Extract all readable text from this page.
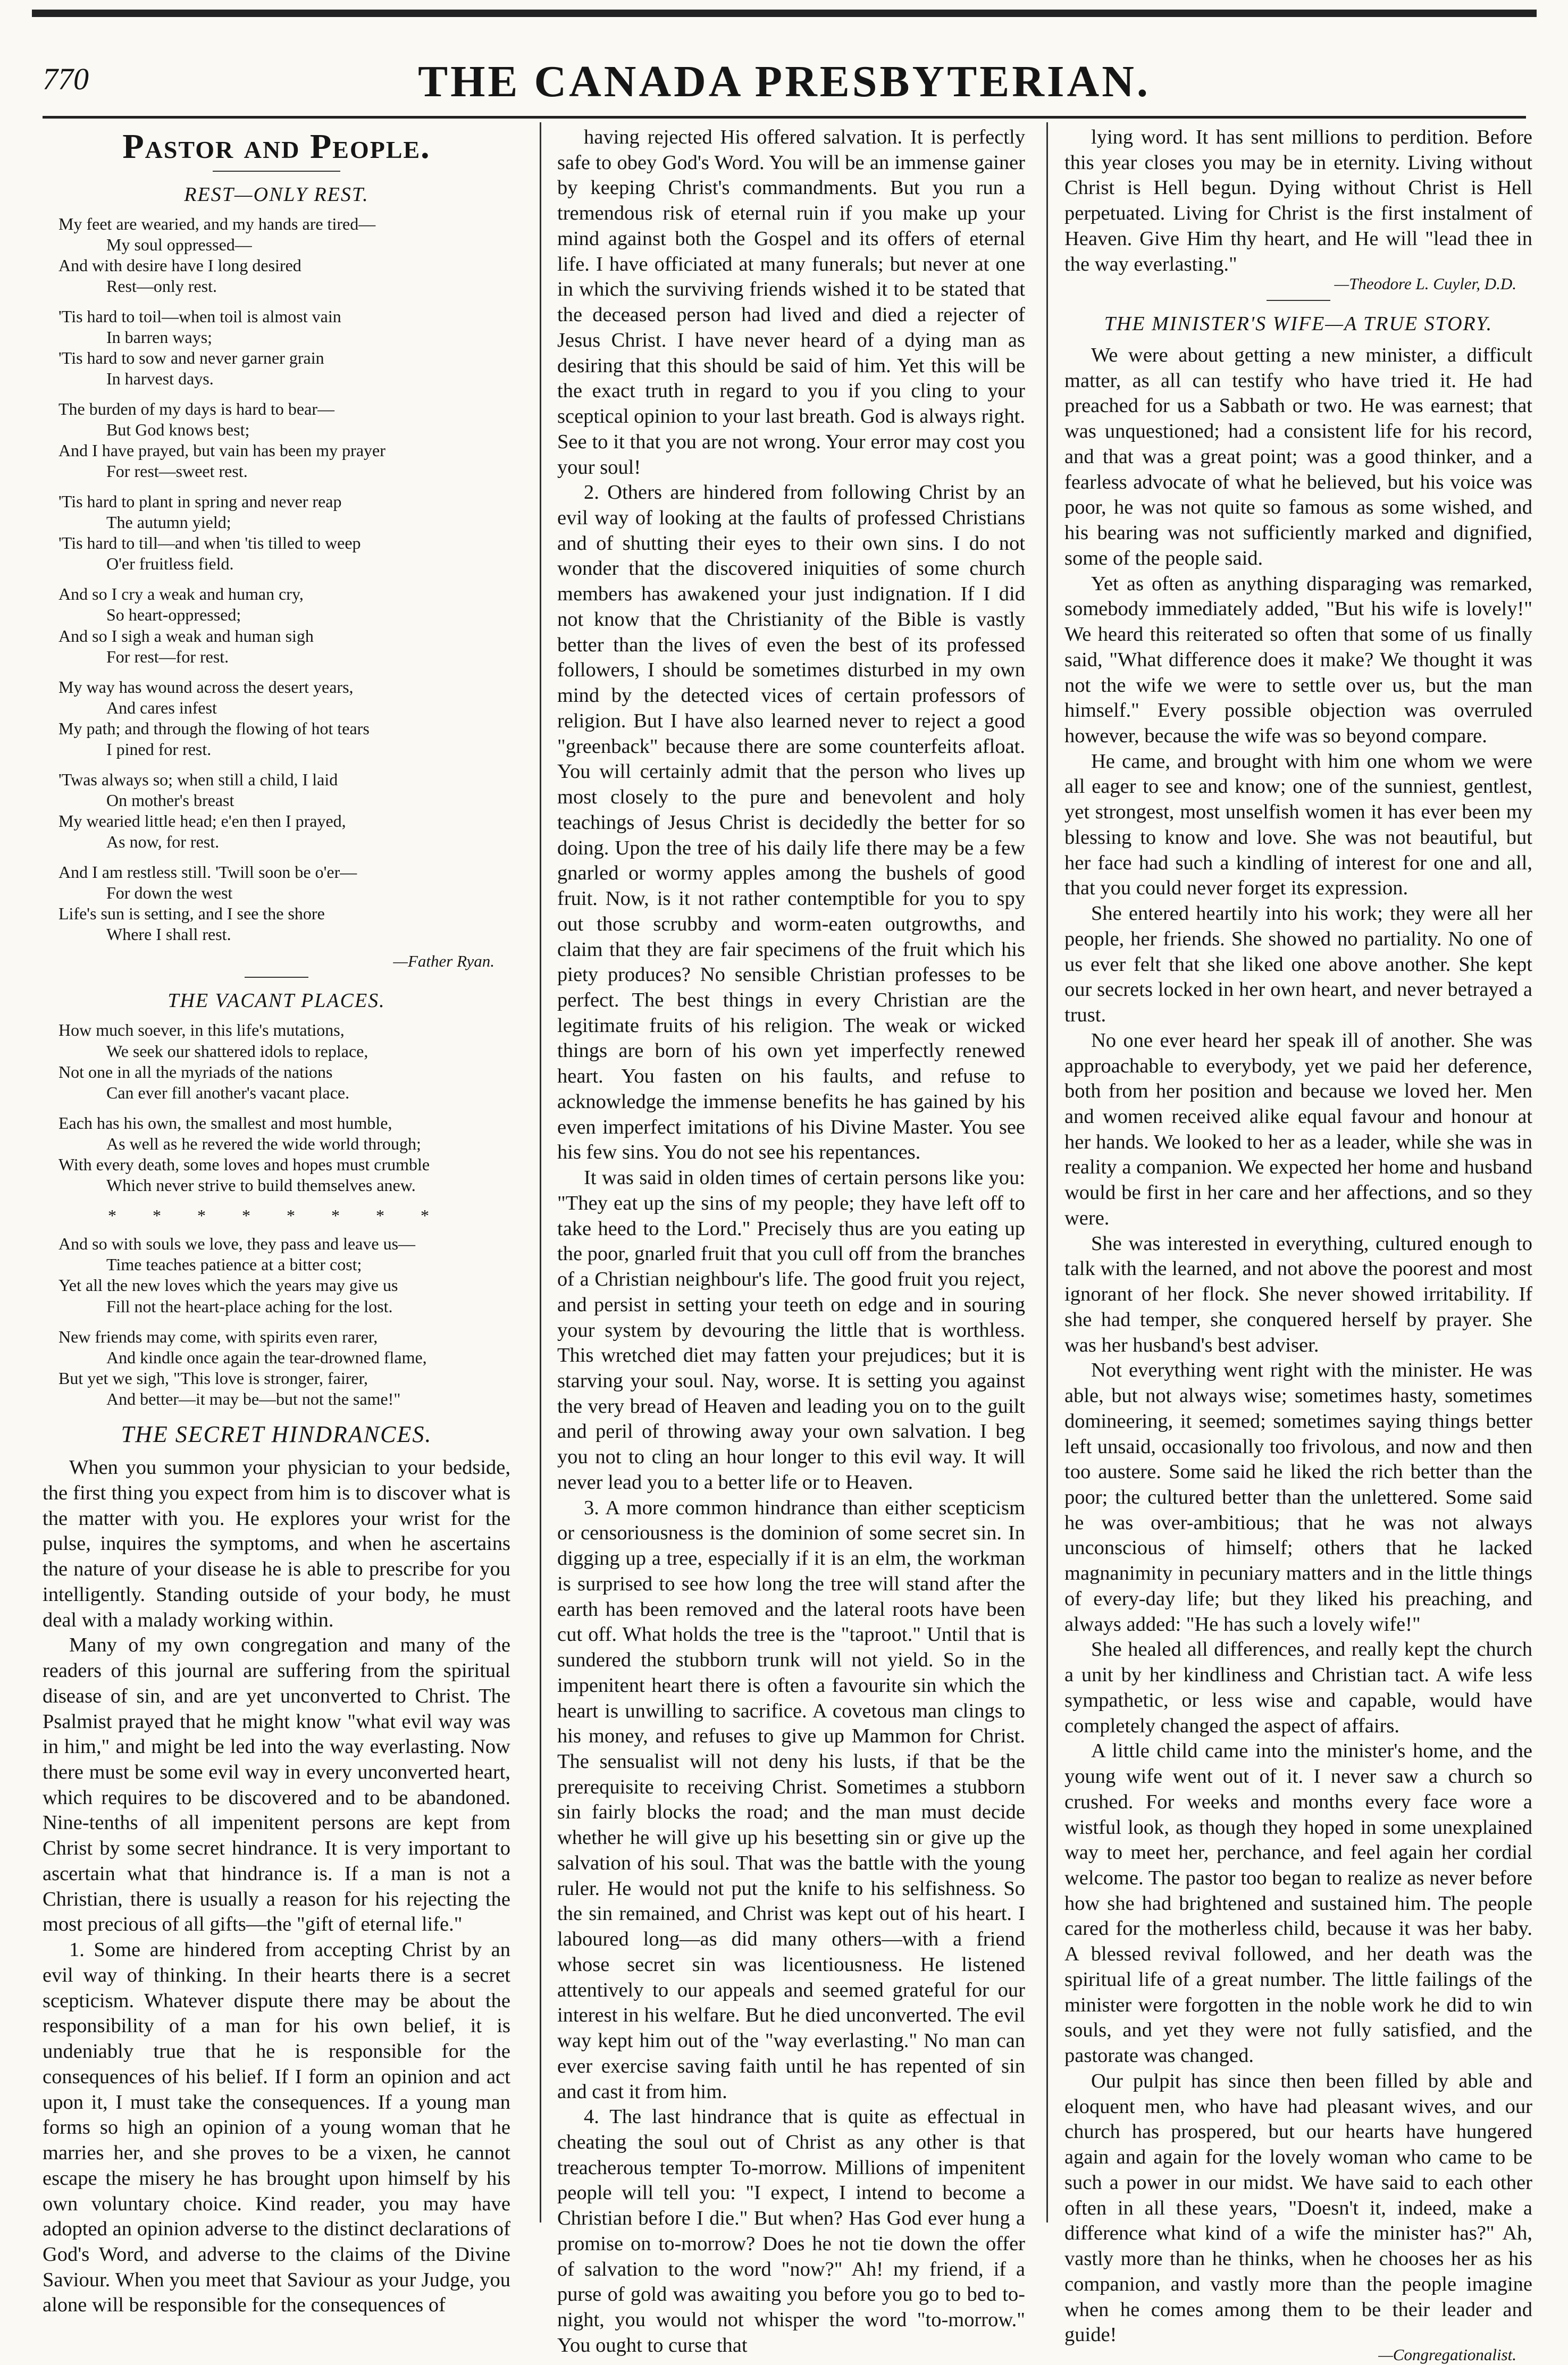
770	THE CANADA PRESBYTERIAN.
Pastor and People.
REST—ONLY REST.
My feet are wearied, and my hands are tired—
My soul oppressed—
And with desire have I long desired
Rest—only rest.
'Tis hard to toil—when toil is almost vain
In barren ways;
'Tis hard to sow and never garner grain
In harvest days.
The burden of my days is hard to bear—
But God knows best;
And I have prayed, but vain has been my prayer
For rest—sweet rest.
'Tis hard to plant in spring and never reap
The autumn yield;
'Tis hard to till—and when 'tis tilled to weep
O'er fruitless field.
And so I cry a weak and human cry,
So heart-oppressed;
And so I sigh a weak and human sigh
For rest—for rest.
My way has wound across the desert years,
And cares infest
My path; and through the flowing of hot tears
I pined for rest.
'Twas always so; when still a child, I laid
On mother's breast
My wearied little head; e'en then I prayed,
As now, for rest.
And I am restless still. 'Twill soon be o'er—
For down the west
Life's sun is setting, and I see the shore
Where I shall rest.
—Father Ryan.
THE VACANT PLACES.
How much soever, in this life's mutations,
We seek our shattered idols to replace,
Not one in all the myriads of the nations
Can ever fill another's vacant place.
Each has his own, the smallest and most humble,
As well as he revered the wide world through;
With every death, some loves and hopes must crumble
Which never strive to build themselves anew.
* * * * * * * *
And so with souls we love, they pass and leave us—
Time teaches patience at a bitter cost;
Yet all the new loves which the years may give us
Fill not the heart-place aching for the lost.
New friends may come, with spirits even rarer,
And kindle once again the tear-drowned flame,
But yet we sigh, "This love is stronger, fairer,
And better—it may be—but not the same!"
THE SECRET HINDRANCES.

When you summon your physician to your bedside, the first thing you expect from him is to discover what is the matter with you. He explores your wrist for the pulse, inquires the symptoms, and when he ascertains the nature of your disease he is able to prescribe for you intelligently. Standing outside of your body, he must deal with a malady working within.

Many of my own congregation and many of the readers of this journal are suffering from the spiritual disease of sin, and are yet unconverted to Christ. The Psalmist prayed that he might know "what evil way was in him," and might be led into the way everlasting. Now there must be some evil way in every unconverted heart, which requires to be discovered and to be abandoned. Nine-tenths of all impenitent persons are kept from Christ by some secret hindrance. It is very important to ascertain what that hindrance is. If a man is not a Christian, there is usually a reason for his rejecting the most precious of all gifts—the "gift of eternal life."

1. Some are hindered from accepting Christ by an evil way of thinking. In their hearts there is a secret scepticism. Whatever dispute there may be about the responsibility of a man for his own belief, it is undeniably true that he is responsible for the consequences of his belief. If I form an opinion and act upon it, I must take the consequences. If a young man forms so high an opinion of a young woman that he marries her, and she proves to be a vixen, he cannot escape the misery he has brought upon himself by his own voluntary choice. Kind reader, you may have adopted an opinion adverse to the distinct declarations of God's Word, and adverse to the claims of the Divine Saviour. When you meet that Saviour as your Judge, you alone will be responsible for the consequences of

having rejected His offered salvation. It is perfectly safe to obey God's Word. You will be an immense gainer by keeping Christ's commandments. But you run a tremendous risk of eternal ruin if you make up your mind against both the Gospel and its offers of eternal life. I have officiated at many funerals; but never at one in which the surviving friends wished it to be stated that the deceased person had lived and died a rejecter of Jesus Christ. I have never heard of a dying man as desiring that this should be said of him. Yet this will be the exact truth in regard to you if you cling to your sceptical opinion to your last breath. God is always right. See to it that you are not wrong. Your error may cost you your soul!

2. Others are hindered from following Christ by an evil way of looking at the faults of professed Christians and of shutting their eyes to their own sins. I do not wonder that the discovered iniquities of some church members has awakened your just indignation. If I did not know that the Christianity of the Bible is vastly better than the lives of even the best of its professed followers, I should be sometimes disturbed in my own mind by the detected vices of certain professors of religion. But I have also learned never to reject a good "greenback" because there are some counterfeits afloat. You will certainly admit that the person who lives up most closely to the pure and benevolent and holy teachings of Jesus Christ is decidedly the better for so doing. Upon the tree of his daily life there may be a few gnarled or wormy apples among the bushels of good fruit. Now, is it not rather contemptible for you to spy out those scrubby and worm-eaten outgrowths, and claim that they are fair specimens of the fruit which his piety produces? No sensible Christian professes to be perfect. The best things in every Christian are the legitimate fruits of his religion. The weak or wicked things are born of his own yet imperfectly renewed heart. You fasten on his faults, and refuse to acknowledge the immense benefits he has gained by his even imperfect imitations of his Divine Master. You see his few sins. You do not see his repentances.

It was said in olden times of certain persons like you: "They eat up the sins of my people; they have left off to take heed to the Lord." Precisely thus are you eating up the poor, gnarled fruit that you cull off from the branches of a Christian neighbour's life. The good fruit you reject, and persist in setting your teeth on edge and in souring your system by devouring the little that is worthless. This wretched diet may fatten your prejudices; but it is starving your soul. Nay, worse. It is setting you against the very bread of Heaven and leading you on to the guilt and peril of throwing away your own salvation. I beg you not to cling an hour longer to this evil way. It will never lead you to a better life or to Heaven.

3. A more common hindrance than either scepticism or censoriousness is the dominion of some secret sin. In digging up a tree, especially if it is an elm, the workman is surprised to see how long the tree will stand after the earth has been removed and the lateral roots have been cut off. What holds the tree is the "taproot." Until that is sundered the stubborn trunk will not yield. So in the impenitent heart there is often a favourite sin which the heart is unwilling to sacrifice. A covetous man clings to his money, and refuses to give up Mammon for Christ. The sensualist will not deny his lusts, if that be the prerequisite to receiving Christ. Sometimes a stubborn sin fairly blocks the road; and the man must decide whether he will give up his besetting sin or give up the salvation of his soul. That was the battle with the young ruler. He would not put the knife to his selfishness. So the sin remained, and Christ was kept out of his heart. I laboured long—as did many others—with a friend whose secret sin was licentiousness. He listened attentively to our appeals and seemed grateful for our interest in his welfare. But he died unconverted. The evil way kept him out of the "way everlasting." No man can ever exercise saving faith until he has repented of sin and cast it from him.

4. The last hindrance that is quite as effectual in cheating the soul out of Christ as any other is that treacherous tempter To-morrow. Millions of impenitent people will tell you: "I expect, I intend to become a Christian before I die." But when? Has God ever hung a promise on to-morrow? Does he not tie down the offer of salvation to the word "now?" Ah! my friend, if a purse of gold was awaiting you before you go to bed to-night, you would not whisper the word "to-morrow." You ought to curse that

lying word. It has sent millions to perdition. Before this year closes you may be in eternity. Living without Christ is Hell begun. Dying without Christ is Hell perpetuated. Living for Christ is the first instalment of Heaven. Give Him thy heart, and He will "lead thee in the way everlasting."

—Theodore L. Cuyler, D.D.
THE MINISTER'S WIFE—A TRUE STORY.

We were about getting a new minister, a difficult matter, as all can testify who have tried it. He had preached for us a Sabbath or two. He was earnest; that was unquestioned; had a consistent life for his record, and that was a great point; was a good thinker, and a fearless advocate of what he believed, but his voice was poor, he was not quite so famous as some wished, and his bearing was not sufficiently marked and dignified, some of the people said.

Yet as often as anything disparaging was remarked, somebody immediately added, "But his wife is lovely!" We heard this reiterated so often that some of us finally said, "What difference does it make? We thought it was not the wife we were to settle over us, but the man himself." Every possible objection was overruled however, because the wife was so beyond compare.

He came, and brought with him one whom we were all eager to see and know; one of the sunniest, gentlest, yet strongest, most unselfish women it has ever been my blessing to know and love. She was not beautiful, but her face had such a kindling of interest for one and all, that you could never forget its expression.

She entered heartily into his work; they were all her people, her friends. She showed no partiality. No one of us ever felt that she liked one above another. She kept our secrets locked in her own heart, and never betrayed a trust.

No one ever heard her speak ill of another. She was approachable to everybody, yet we paid her deference, both from her position and because we loved her. Men and women received alike equal favour and honour at her hands. We looked to her as a leader, while she was in reality a companion. We expected her home and husband would be first in her care and her affections, and so they were.

She was interested in everything, cultured enough to talk with the learned, and not above the poorest and most ignorant of her flock. She never showed irritability. If she had temper, she conquered herself by prayer. She was her husband's best adviser.

Not everything went right with the minister. He was able, but not always wise; sometimes hasty, sometimes domineering, it seemed; sometimes saying things better left unsaid, occasionally too frivolous, and now and then too austere. Some said he liked the rich better than the poor; the cultured better than the unlettered. Some said he was over-ambitious; that he was not always unconscious of himself; others that he lacked magnanimity in pecuniary matters and in the little things of every-day life; but they liked his preaching, and always added: "He has such a lovely wife!"

She healed all differences, and really kept the church a unit by her kindliness and Christian tact. A wife less sympathetic, or less wise and capable, would have completely changed the aspect of affairs.

A little child came into the minister's home, and the young wife went out of it. I never saw a church so crushed. For weeks and months every face wore a wistful look, as though they hoped in some unexplained way to meet her, perchance, and feel again her cordial welcome. The pastor too began to realize as never before how she had brightened and sustained him. The people cared for the motherless child, because it was her baby. A blessed revival followed, and her death was the spiritual life of a great number. The little failings of the minister were forgotten in the noble work he did to win souls, and yet they were not fully satisfied, and the pastorate was changed.

Our pulpit has since then been filled by able and eloquent men, who have had pleasant wives, and our church has prospered, but our hearts have hungered again and again for the lovely woman who came to be such a power in our midst. We have said to each other often in all these years, "Doesn't it, indeed, make a difference what kind of a wife the minister has?" Ah, vastly more than he thinks, when he chooses her as his companion, and vastly more than the people imagine when he comes among them to be their leader and guide!

—Congregationalist.
